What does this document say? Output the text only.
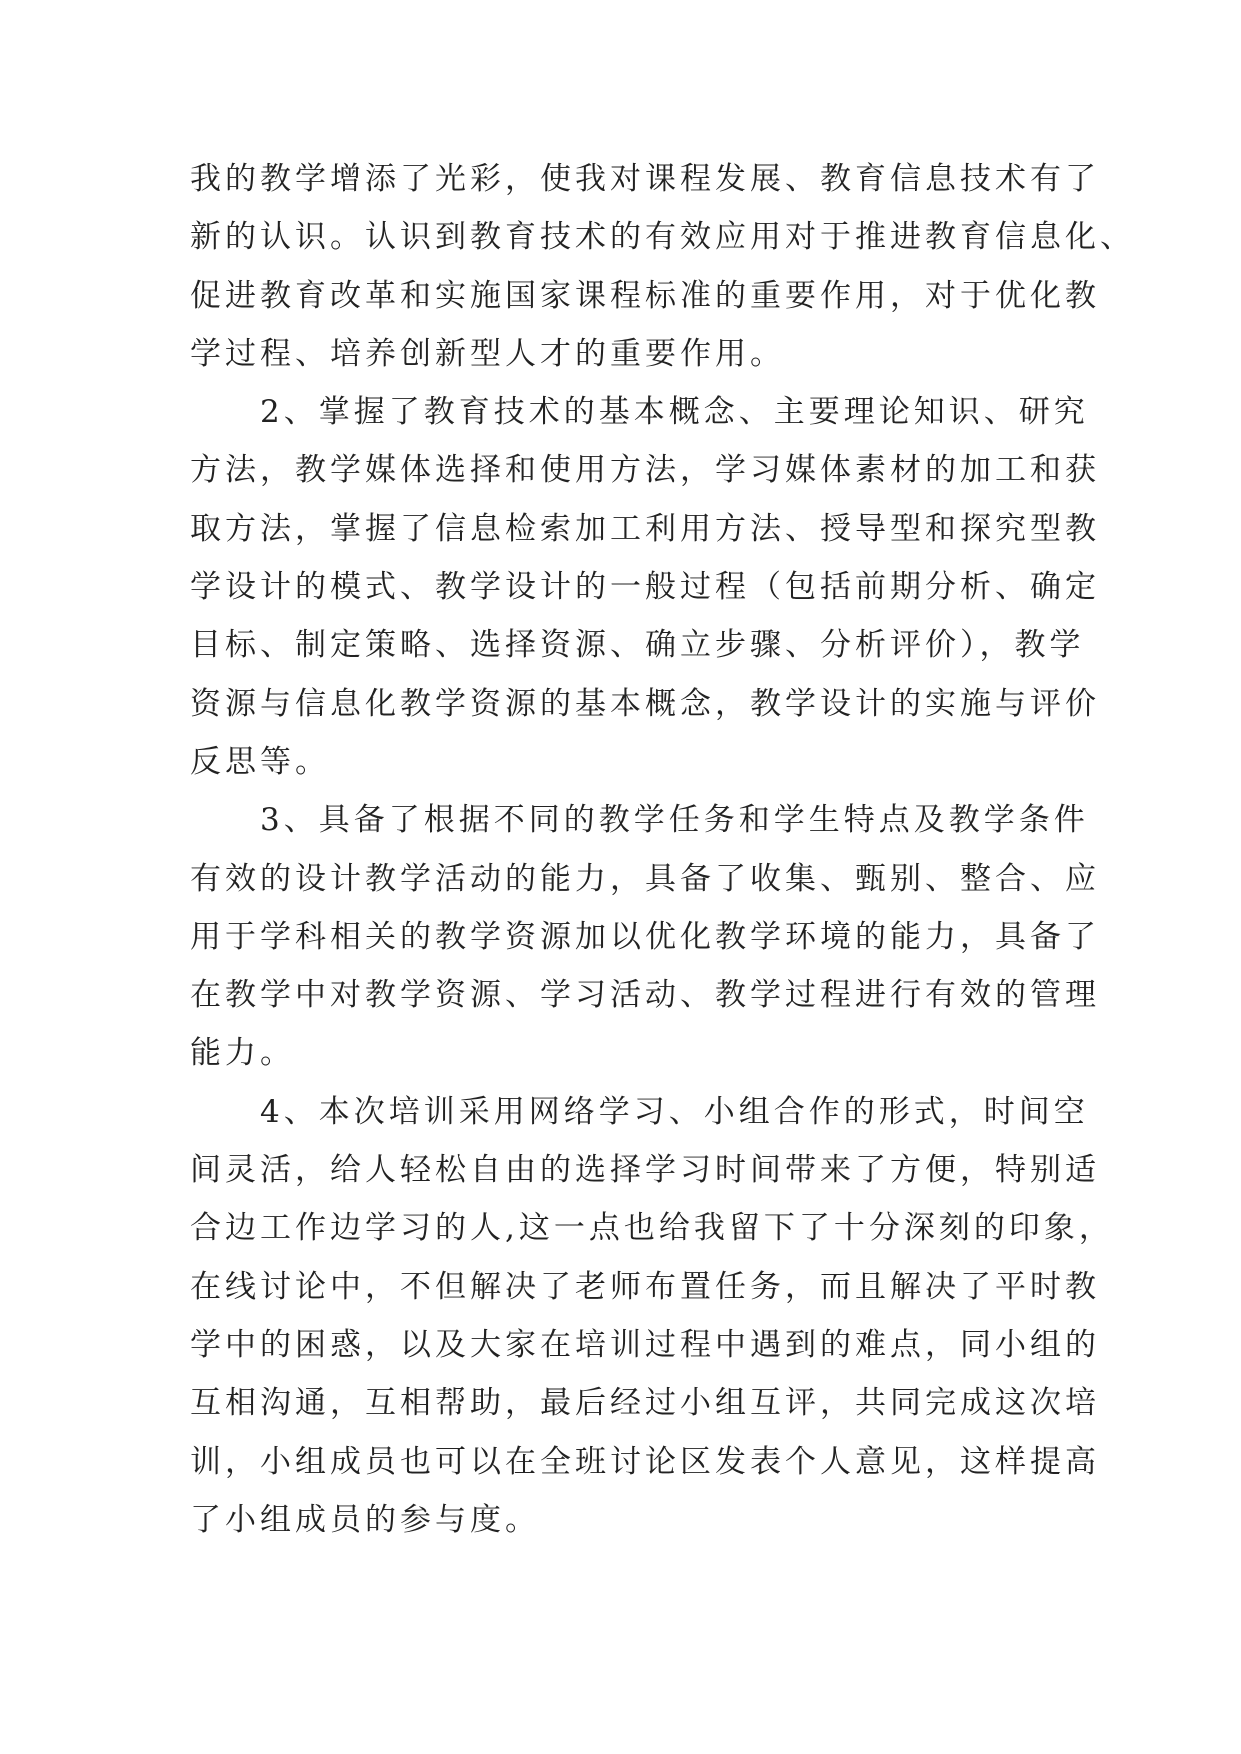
我的教学增添了光彩，使我对课程发展、教育信息技术有了
新的认识。认识到教育技术的有效应用对于推进教育信息化、
促进教育改革和实施国家课程标准的重要作用，对于优化教
学过程、培养创新型人才的重要作用。
2、掌握了教育技术的基本概念、主要理论知识、研究
方法，教学媒体选择和使用方法，学习媒体素材的加工和获
取方法，掌握了信息检索加工利用方法、授导型和探究型教
学设计的模式、教学设计的一般过程（包括前期分析、确定
目标、制定策略、选择资源、确立步骤、分析评价），教学
资源与信息化教学资源的基本概念，教学设计的实施与评价
反思等。
3、具备了根据不同的教学任务和学生特点及教学条件
有效的设计教学活动的能力，具备了收集、甄别、整合、应
用于学科相关的教学资源加以优化教学环境的能力，具备了
在教学中对教学资源、学习活动、教学过程进行有效的管理
能力。
4、本次培训采用网络学习、小组合作的形式，时间空
间灵活，给人轻松自由的选择学习时间带来了方便，特别适
合边工作边学习的人,这一点也给我留下了十分深刻的印象，
在线讨论中，不但解决了老师布置任务，而且解决了平时教
学中的困惑，以及大家在培训过程中遇到的难点，同小组的
互相沟通，互相帮助，最后经过小组互评，共同完成这次培
训，小组成员也可以在全班讨论区发表个人意见，这样提高
了小组成员的参与度。
